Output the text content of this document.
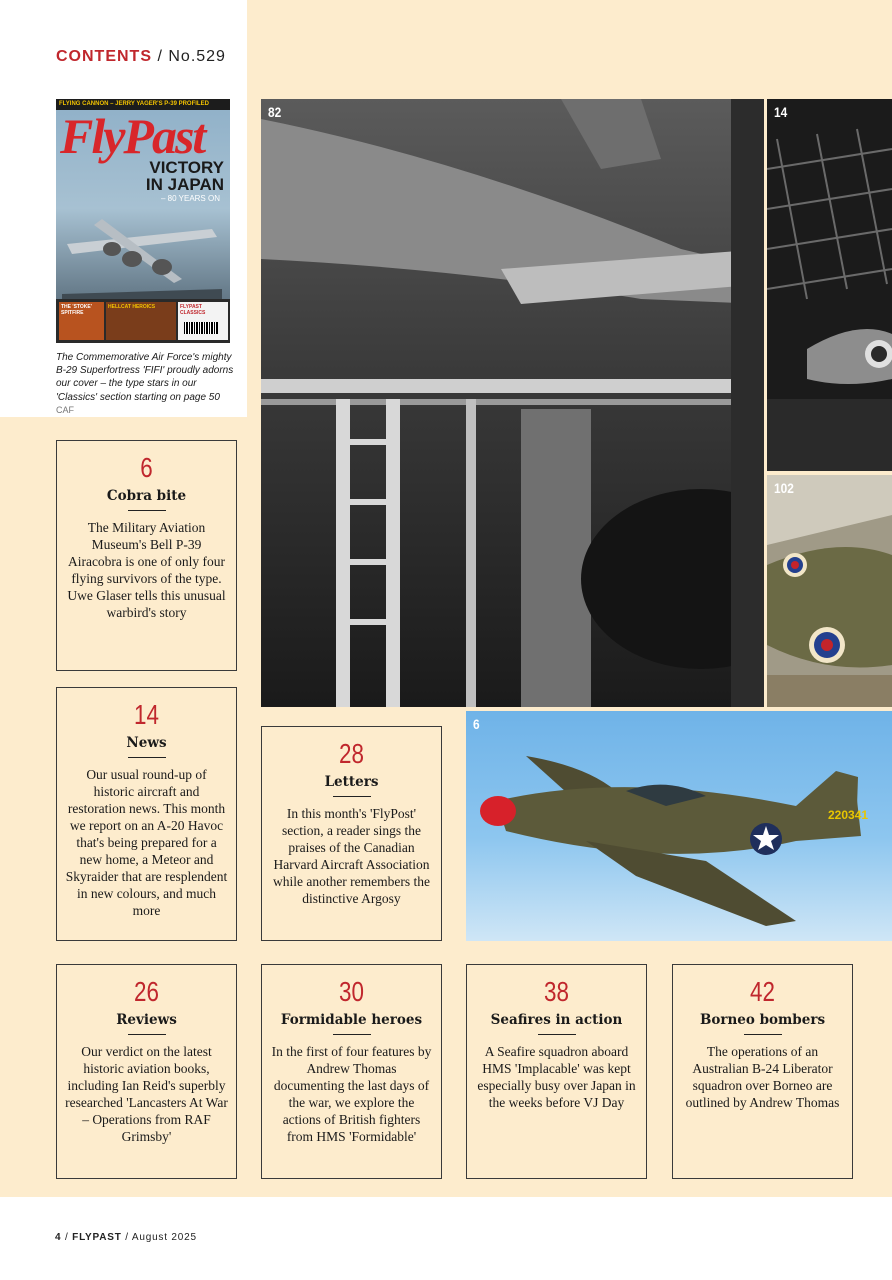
CONTENTS / No.529
FLYING CANNON – JERRY YAGER'S P-39 PROFILED
FlyPast
VICTORY
IN JAPAN
– 80 YEARS ON
THE 'STOKE' SPITFIRE
HELLCAT HEROICS	FLYPAST CLASSICS
The Commemorative Air Force's mighty B-29 Superfortress 'FIFI' proudly adorns our cover – the type stars in our 'Classics' section starting on page 50 CAF
82	14
102
220341
6
6
Cobra bite
The Military Aviation Museum's Bell P-39 Airacobra is one of only four flying survivors of the type. Uwe Glaser tells this unusual warbird's story
14
News
Our usual round-up of historic aircraft and restoration news. This month we report on an A-20 Havoc that's being prepared for a new home, a Meteor and Skyraider that are resplendent in new colours, and much more
28
Letters
In this month's 'FlyPost' section, a reader sings the praises of the Canadian Harvard Aircraft Association while another remembers the distinctive Argosy
26
Reviews
Our verdict on the latest historic aviation books, including Ian Reid's superbly researched 'Lancasters At War – Operations from RAF Grimsby'
30
Formidable heroes
In the first of four features by Andrew Thomas documenting the last days of the war, we explore the actions of British fighters from HMS 'Formidable'
38
Seafires in action
A Seafire squadron aboard HMS 'Implacable' was kept especially busy over Japan in the weeks before VJ Day
42
Borneo bombers
The operations of an Australian B-24 Liberator squadron over Borneo are outlined by Andrew Thomas
4 / FLYPAST / August 2025
